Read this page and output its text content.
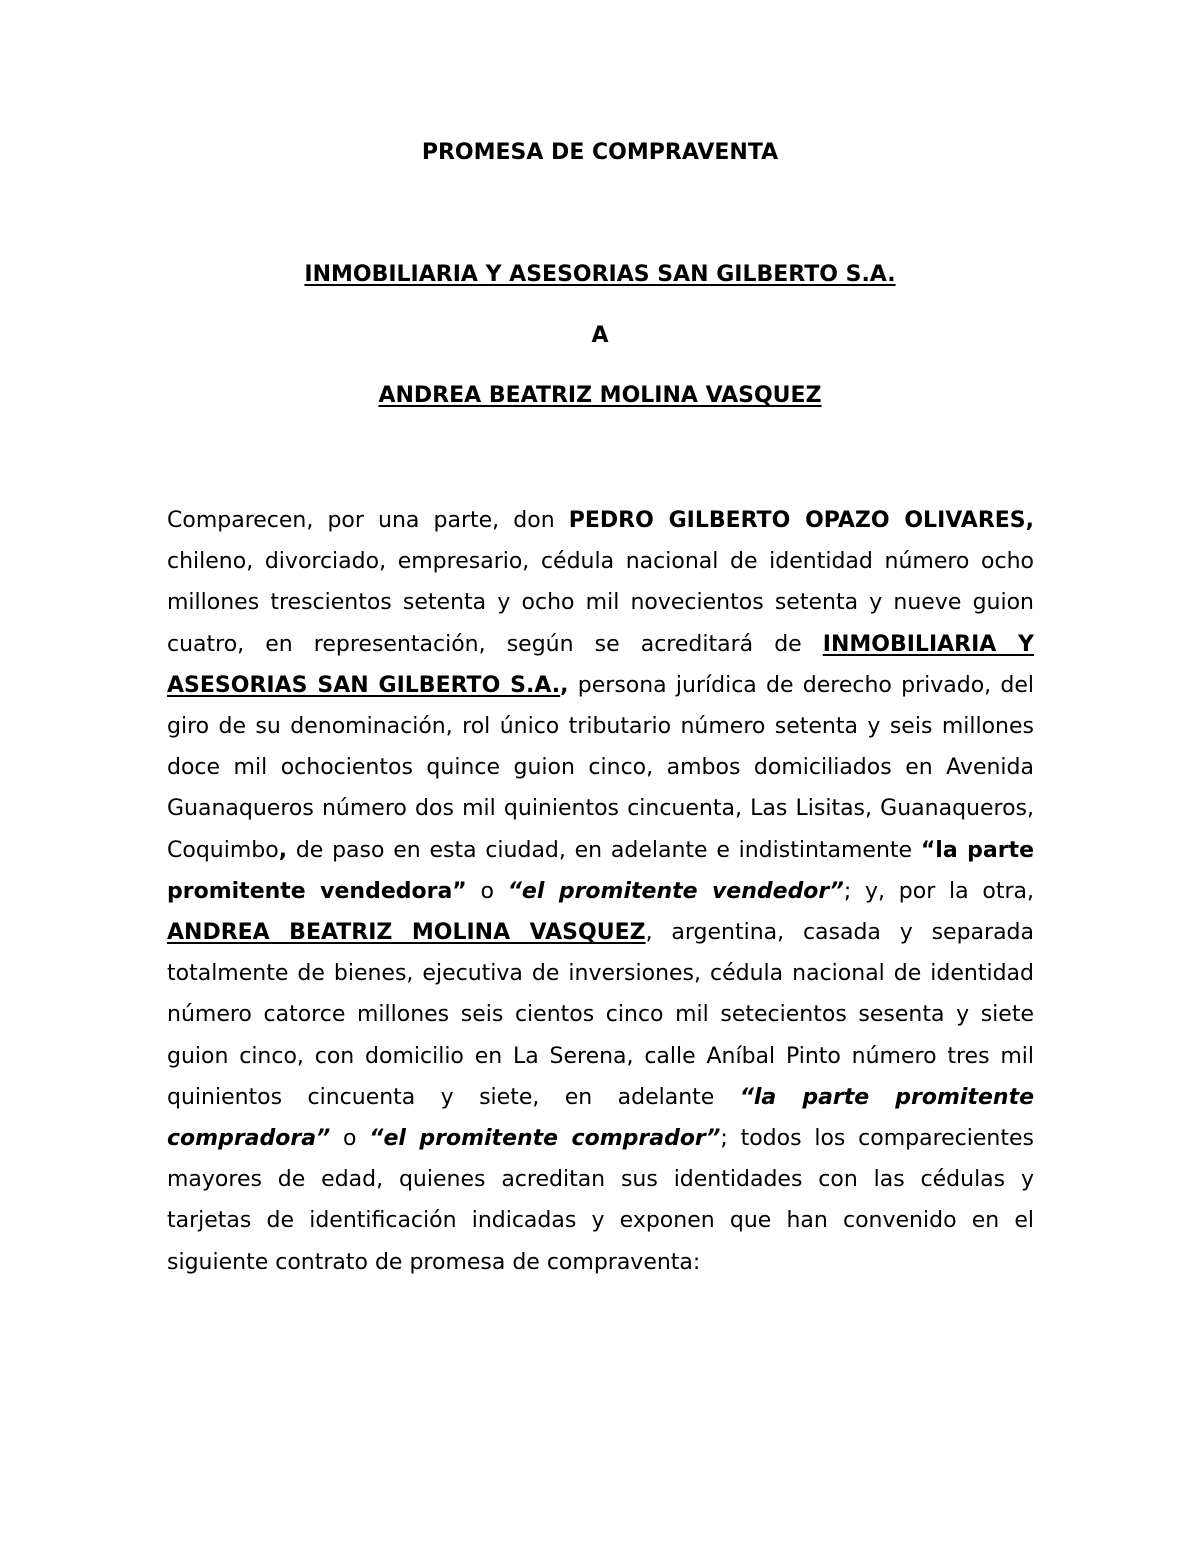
PROMESA DE COMPRAVENTA
INMOBILIARIA Y ASESORIAS SAN GILBERTO S.A.
A
ANDREA BEATRIZ MOLINA VASQUEZ

Comparecen, por una parte, don PEDRO GILBERTO OPAZO OLIVARES, chileno, divorciado, empresario, cédula nacional de identidad número ocho millones trescientos setenta y ocho mil novecientos setenta y nueve guion cuatro, en representación, según se acreditará de INMOBILIARIA Y ASESORIAS SAN GILBERTO S.A., persona jurídica de derecho privado, del giro de su denominación, rol único tributario número setenta y seis millones doce mil ochocientos quince guion cinco, ambos domiciliados en Avenida Guanaqueros número dos mil quinientos cincuenta, Las Lisitas, Guanaqueros, Coquimbo, de paso en esta ciudad, en adelante e indistintamente “la parte promitente vendedora” o “el promitente vendedor”; y, por la otra, ANDREA BEATRIZ MOLINA VASQUEZ, argentina, casada y separada totalmente de bienes, ejecutiva de inversiones, cédula nacional de identidad número catorce millones seis cientos cinco mil setecientos sesenta y siete guion cinco, con domicilio en La Serena, calle Aníbal Pinto número tres mil quinientos cincuenta y siete, en adelante “la parte promitente compradora” o “el promitente comprador”; todos los comparecientes mayores de edad, quienes acreditan sus identidades con las cédulas y tarjetas de identificación indicadas y exponen que han convenido en el siguiente contrato de promesa de compraventa:
